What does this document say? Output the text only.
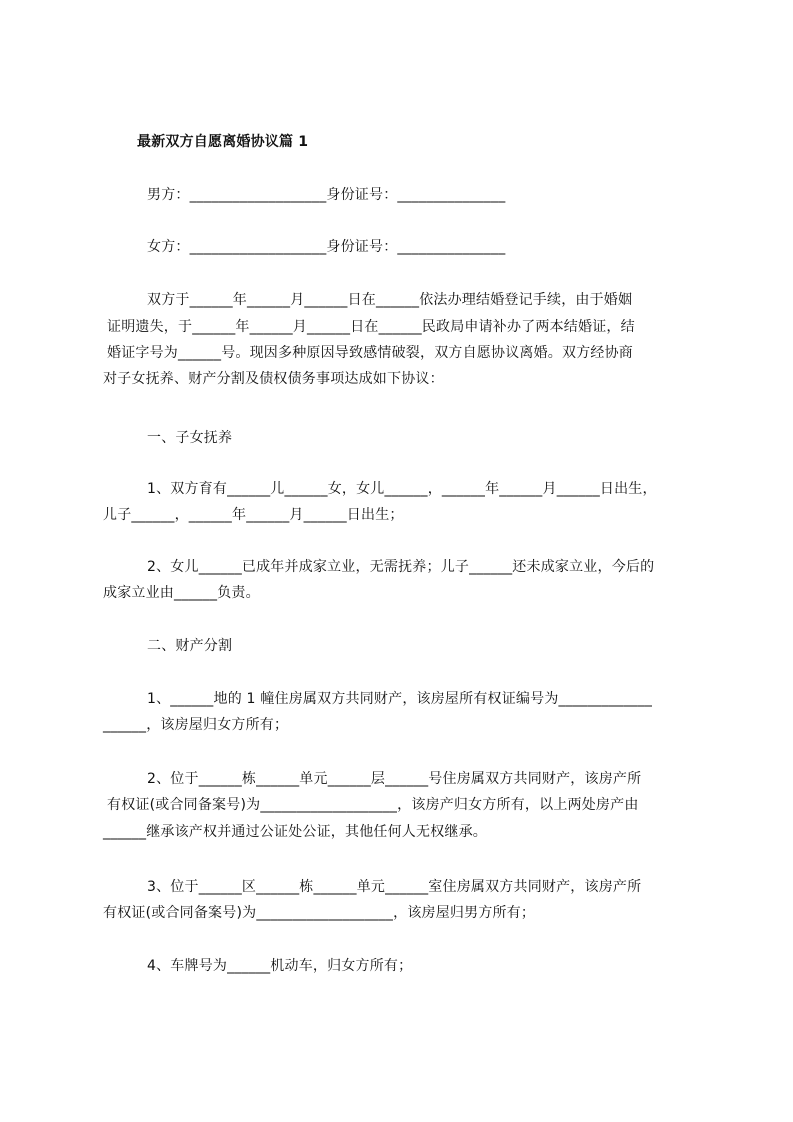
最新双方自愿离婚协议篇 1
男方：___________________身份证号：_______________
女方：___________________身份证号：_______________
双方于______年______月______日在______依法办理结婚登记手续，由于婚姻
证明遗失，于______年______月______日在______民政局申请补办了两本结婚证，结
婚证字号为______号。现因多种原因导致感情破裂，双方自愿协议离婚。双方经协商
对子女抚养、财产分割及债权债务事项达成如下协议：
一、子女抚养
1、双方育有______儿______女，女儿______，______年______月______日出生，
儿子______，______年______月______日出生；
2、女儿______已成年并成家立业，无需抚养；儿子______还未成家立业，今后的
成家立业由______负责。
二、财产分割
1、______地的 1 幢住房属双方共同财产，该房屋所有权证编号为_____________
______，该房屋归女方所有；
2、位于______栋______单元______层______号住房属双方共同财产，该房产所
有权证(或合同备案号)为___________________，该房产归女方所有，以上两处房产由
______继承该产权并通过公证处公证，其他任何人无权继承。
3、位于______区______栋______单元______室住房属双方共同财产，该房产所
有权证(或合同备案号)为___________________，该房屋归男方所有；
4、车牌号为______机动车，归女方所有；
